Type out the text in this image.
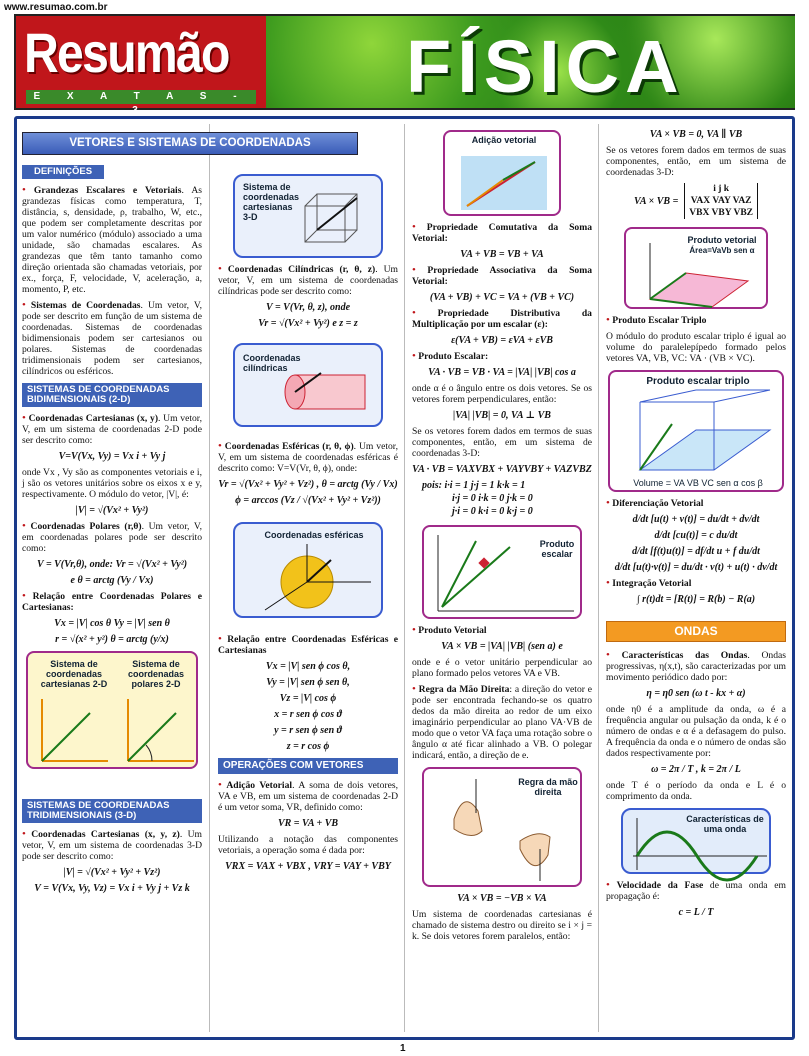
www.resumao.com.br
Resumão
E X A T A S - 3
FÍSICA
VETORES E SISTEMAS DE COORDENADAS
DEFINIÇÕES
• Grandezas Escalares e Vetoriais. As grandezas físicas como temperatura, T, distância, s, densidade, ρ, trabalho, W, etc., que podem ser completamente descritas por um valor numérico (módulo) associado a uma unidade, são chamadas escalares. As grandezas que têm tanto tamanho como direção orientada são chamadas vetoriais, por ex., força, F, velocidade, V, aceleração, a, momento, P, etc.
• Sistemas de Coordenadas. Um vetor, V, pode ser descrito em função de um sistema de coordenadas. Sistemas de coordenadas bidimensionais podem ser cartesianos ou polares. Sistemas de coordenadas tridimensionais podem ser cartesianos, cilíndricos ou esféricos.
SISTEMAS DE COORDENADAS BIDIMENSIONAIS (2-D)
• Coordenadas Cartesianas (x, y). Um vetor, V, em um sistema de coordenadas 2-D pode ser descrito como:
V=V(Vx, Vy) = Vx i + Vy j
onde Vx , Vy são as componentes vetoriais e i, j são os vetores unitários sobre os eixos x e y, respectivamente. O módulo do vetor, |V|, é:
|V| = √(Vx² + Vy²)
• Coordenadas Polares (r,θ). Um vetor, V, em coordenadas polares pode ser descrito como:
V = V(Vr,θ), onde: Vr = √(Vx² + Vy²)
e θ = arctg (Vy / Vx)
• Relação entre Coordenadas Polares e Cartesianas:
Vx = |V| cos θ Vy = |V| sen θ
r = √(x² + y²) θ = arctg (y/x)
Sistema de coordenadas cartesianas 2-D
Sistema de coordenadas polares 2-D
SISTEMAS DE COORDENADAS TRIDIMENSIONAIS (3-D)
• Coordenadas Cartesianas (x, y, z). Um vetor, V, em um sistema de coordenadas 3-D pode ser descrito como:
|V| = √(Vx² + Vy² + Vz²)
V = V(Vx, Vy, Vz) = Vx i + Vy j + Vz k
Sistema de coordenadas cartesianas 3-D
• Coordenadas Cilíndricas (r, θ, z). Um vetor, V, em um sistema de coordenadas cilíndricas pode ser descrito como:
V = V(Vr, θ, z), onde
Vr = √(Vx² + Vy²) e z = z
Coordenadas cilíndricas
• Coordenadas Esféricas (r, θ, ϕ). Um vetor, V, em um sistema de coordenadas esféricas é descrito como: V=V(Vr, θ, ϕ), onde:
Vr = √(Vx² + Vy² + Vz²) , θ = arctg (Vy / Vx)
ϕ = arccos (Vz / √(Vx² + Vy² + Vz²))
Coordenadas esféricas
• Relação entre Coordenadas Esféricas e Cartesianas
Vx = |V| sen ϕ cos θ,
Vy = |V| sen ϕ sen θ,
Vz = |V| cos ϕ
x = r sen ϕ cos ϑ
y = r sen ϕ sen ϑ
z = r cos ϕ
OPERAÇÕES COM VETORES
• Adição Vetorial. A soma de dois vetores, VA e VB, em um sistema de coordenadas 2-D é um vetor soma, VR, definido como:
VR = VA + VB
Utilizando a notação das componentes vetoriais, a operação soma é dada por:
VRX = VAX + VBX , VRY = VAY + VBY
Adição vetorial
• Propriedade Comutativa da Soma Vetorial:
VA + VB = VB + VA
• Propriedade Associativa da Soma Vetorial:
(VA + VB) + VC = VA + (VB + VC)
• Propriedade Distributiva da Multiplicação por um escalar (ε):
ε(VA + VB) = εVA + εVB
• Produto Escalar:
VA · VB = VB · VA = |VA| |VB| cos a
onde α é o ângulo entre os dois vetores. Se os vetores forem perpendiculares, então:
|VA| |VB| = 0, VA ⊥ VB
Se os vetores forem dados em termos de suas componentes, então, em um sistema de coordenadas 3-D:
VA · VB = VAXVBX + VAYVBY + VAZVBZ
pois: i·i = 1 j·j = 1 k·k = 1
i·j = 0 i·k = 0 j·k = 0
j·i = 0 k·i = 0 k·j = 0
Produto escalar
• Produto Vetorial
VA × VB = |VA| |VB| (sen a) e
onde e é o vetor unitário perpendicular ao plano formado pelos vetores VA e VB.
• Regra da Mão Direita: a direção do vetor e pode ser encontrada fechando-se os quatro dedos da mão direita ao redor de um eixo imaginário perpendicular ao plano VA·VB de modo que o vetor VA faça uma rotação sobre o ângulo α até ficar alinhado a VB. O polegar indicará, então, a direção de e.
Regra da mão direita
VA × VB = −VB × VA
Um sistema de coordenadas cartesianas é chamado de sistema destro ou direito se i × j = k. Se dois vetores forem paralelos, então:
VA × VB = 0, VA ∥ VB
Se os vetores forem dados em termos de suas componentes, então, em um sistema de coordenadas 3-D:
VA × VB =
i j k
VAX VAY VAZ
VBX VBY VBZ
Produto vetorial
Área=VaVb sen α
• Produto Escalar Triplo
O módulo do produto escalar triplo é igual ao volume do paralelepípedo formado pelos vetores VA, VB, VC: VA · (VB × VC).
Produto escalar triplo
Volume = VA VB VC sen α cos β
• Diferenciação Vetorial
d/dt [u(t) + v(t)] = du/dt + dv/dt
d/dt [cu(t)] = c du/dt
d/dt [f(t)u(t)] = df/dt u + f du/dt
d/dt [u(t)·v(t)] = du/dt · v(t) + u(t) · dv/dt
• Integração Vetorial
∫ r(t)dt = [R(t)] = R(b) − R(a)
ONDAS
• Características das Ondas. Ondas progressivas, η(x,t), são caracterizadas por um movimento periódico dado por:
η = η0 sen (ω t - kx + α)
onde η0 é a amplitude da onda, ω é a frequência angular ou pulsação da onda, k é o número de ondas e α é a defasagem do pulso. A frequência da onda e o número de ondas são dados respectivamente por:
ω = 2π / T , k = 2π / L
onde T é o período da onda e L é o comprimento da onda.
Características de uma onda
• Velocidade da Fase de uma onda em propagação é:
c = L / T
1
